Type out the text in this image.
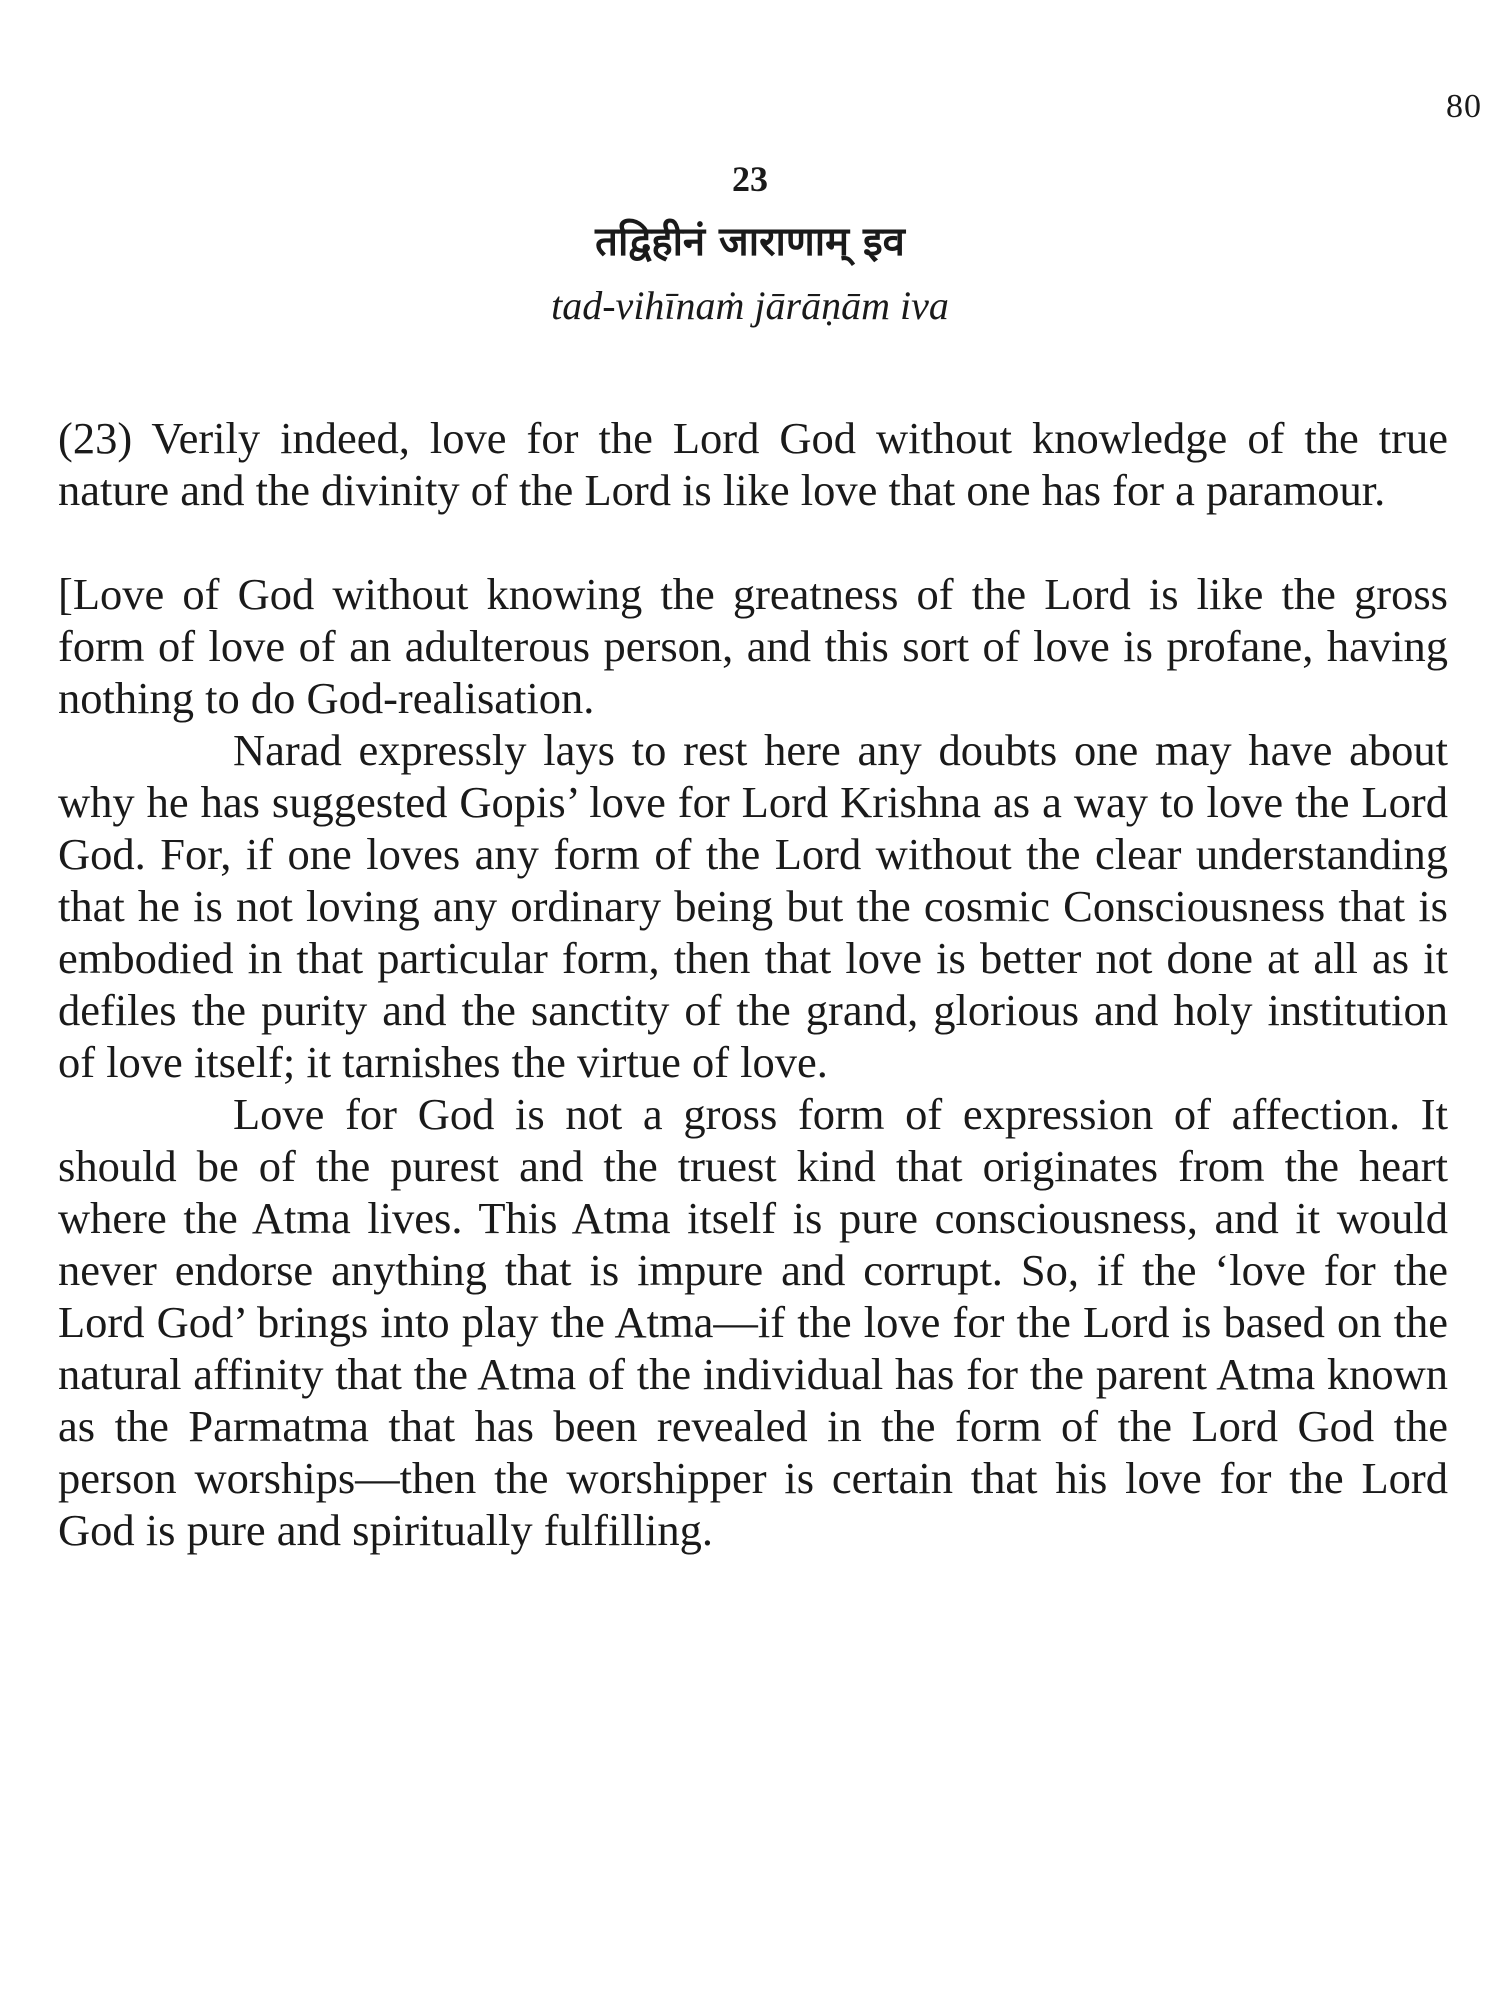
80
23
तद्विहीनं जाराणाम् इव
tad-vihīnaṁ jārāṇām iva

(23) Verily indeed, love for the Lord God without knowledge of the true nature and the divinity of the Lord is like love that one has for a paramour.

[Love of God without knowing the greatness of the Lord is like the gross form of love of an adulterous person, and this sort of love is profane, having nothing to do God-realisation.

Narad expressly lays to rest here any doubts one may have about why he has suggested Gopis’ love for Lord Krishna as a way to love the Lord God. For, if one loves any form of the Lord without the clear understanding that he is not loving any ordinary being but the cosmic Consciousness that is embodied in that particular form, then that love is better not done at all as it defiles the purity and the sanctity of the grand, glorious and holy institution of love itself; it tarnishes the virtue of love.

Love for God is not a gross form of expression of affection. It should be of the purest and the truest kind that originates from the heart where the Atma lives. This Atma itself is pure consciousness, and it would never endorse anything that is impure and corrupt. So, if the ‘love for the Lord God’ brings into play the Atma—if the love for the Lord is based on the natural affinity that the Atma of the individual has for the parent Atma known as the Parmatma that has been revealed in the form of the Lord God the person worships—then the worshipper is certain that his love for the Lord God is pure and spiritually fulfilling.
